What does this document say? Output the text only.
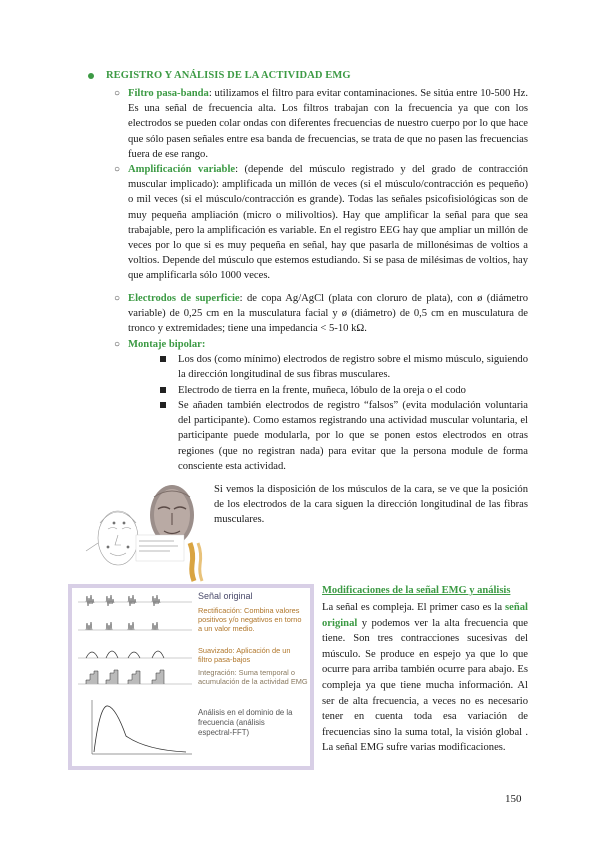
REGISTRO Y ANÁLISIS DE LA ACTIVIDAD EMG
○ Filtro pasa-banda: utilizamos el filtro para evitar contaminaciones. Se sitúa entre 10-500 Hz. Es una señal de frecuencia alta. Los filtros trabajan con la frecuencia ya que con los electrodos se pueden colar ondas con diferentes frecuencias de nuestro cuerpo por lo que hace que sólo pasen señales entre esa banda de frecuencias, se trata de que no pasen las frecuencias fuera de ese rango.

○ Amplificación variable: (depende del músculo registrado y del grado de contracción muscular implicado): amplificada un millón de veces (si el músculo/contracción es pequeño) o mil veces (si el músculo/contracción es grande). Todas las señales psicofisiológicas son de muy pequeña ampliación (micro o milivoltios). Hay que amplificar la señal para que sea trabajable, pero la amplificación es variable. En el registro EEG hay que ampliar un millón de veces por lo que si es muy pequeña en señal, hay que pasarla de millonésimas de voltios a voltios. Depende del músculo que estemos estudiando. Si se pasa de milésimas de voltios, hay que amplificarla sólo 1000 veces.

○ Electrodos de superficie: de copa Ag/AgCl (plata con cloruro de plata), con ø (diámetro variable) de 0,25 cm en la musculatura facial y ø (diámetro) de 0,5 cm en musculatura de tronco y extremidades; tiene una impedancia < 5-10 kΩ.

○ Montaje bipolar:

Los dos (como mínimo) electrodos de registro sobre el mismo músculo, siguiendo la dirección longitudinal de sus fibras musculares.
Electrodo de tierra en la frente, muñeca, lóbulo de la oreja o el codo
Se añaden también electrodos de registro “falsos” (evita modulación voluntaria del participante). Como estamos registrando una actividad muscular voluntaria, el participante puede modularla, por lo que se ponen estos electrodos en otras regiones (que no registran nada) para evitar que la persona module de forma consciente esta actividad.
Si vemos la disposición de los músculos de la cara, se ve que la posición de los electrodos de la cara siguen la dirección longitudinal de las fibras musculares.
Señal original
Rectificación: Combina valores positivos y/o negativos en torno a un valor medio.
Suavizado: Aplicación de un filtro pasa-bajos
Integración: Suma temporal o acumulación de la actividad EMG
Análisis en el dominio de la frecuencia (análisis espectral-FFT)
Modificaciones de la señal EMG y análisis
La señal es compleja. El primer caso es la señal original y podemos ver la alta frecuencia que tiene. Son tres contracciones sucesivas del músculo. Se produce en espejo ya que lo que ocurre para arriba también ocurre para abajo. Es compleja ya que tiene mucha información. Al ser de alta frecuencia, a veces no es necesario tener en cuenta toda esa variación de frecuencias sino la suma total, la visión global . La señal EMG sufre varias modificaciones.
150
